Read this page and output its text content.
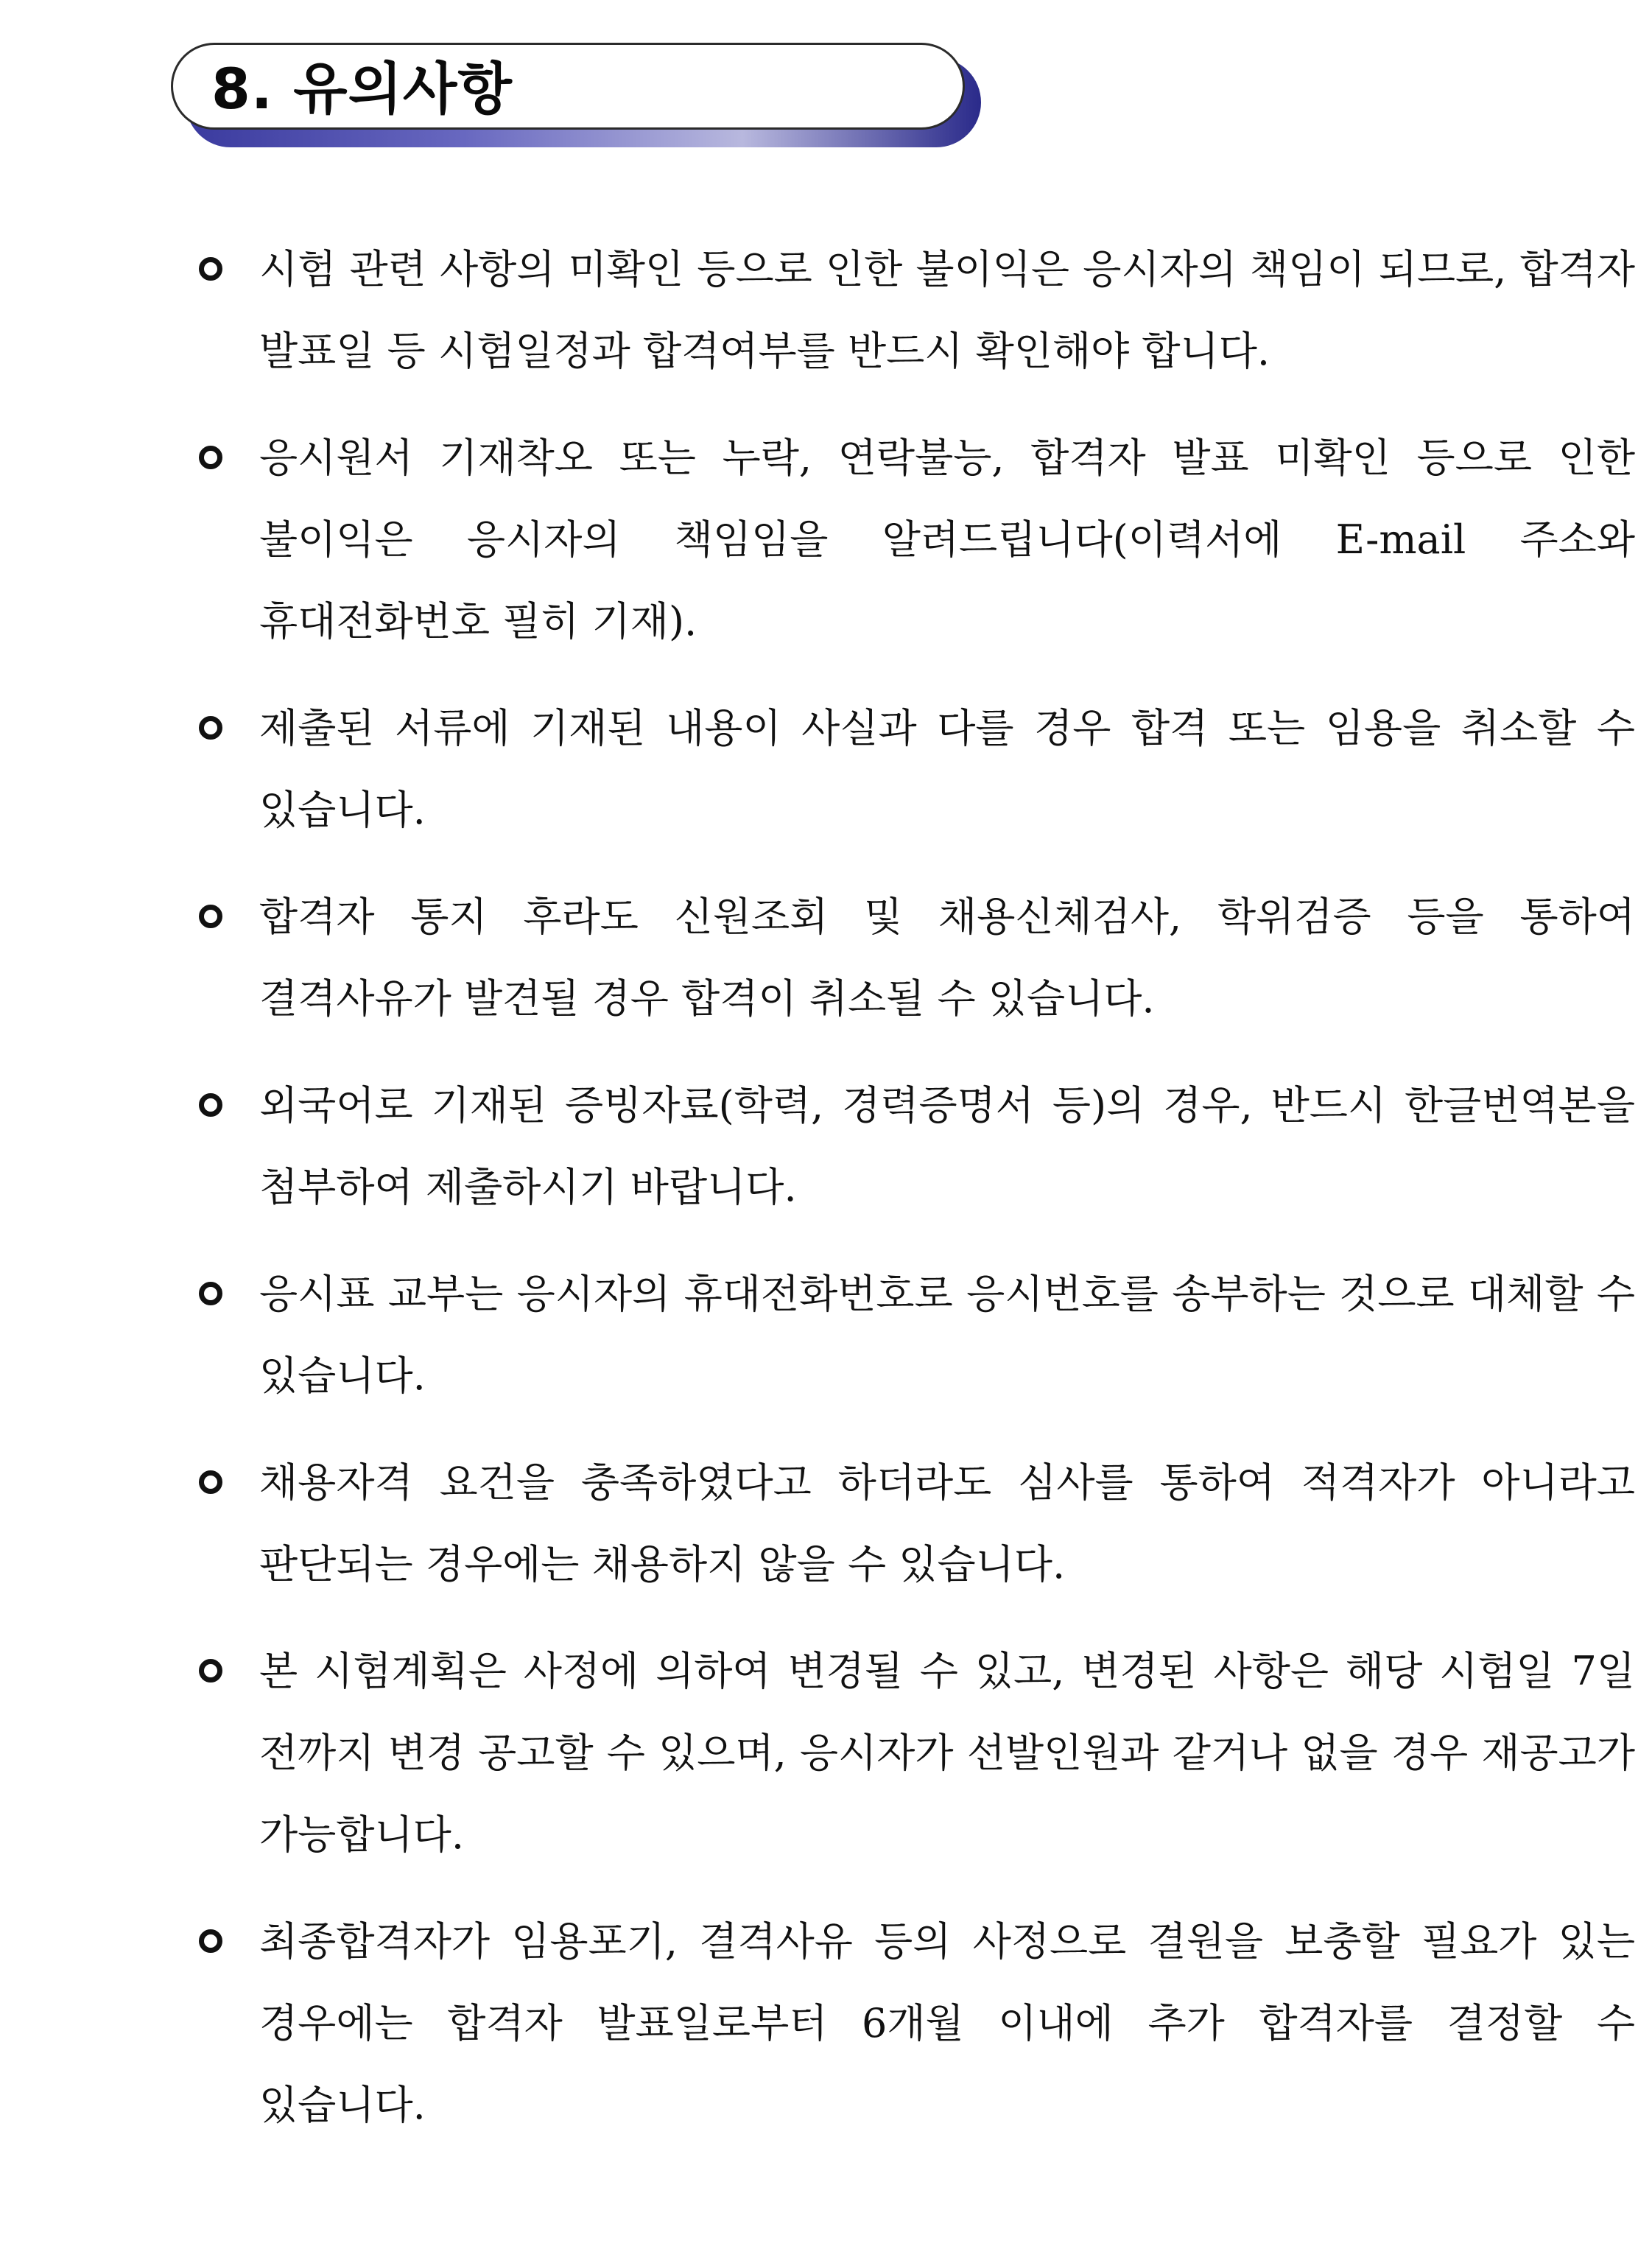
8. 유의사항
시험 관련 사항의 미확인 등으로 인한 불이익은 응시자의 책임이 되므로, 합격자 발표일 등 시험일정과 합격여부를 반드시 확인해야 합니다.
응시원서 기재착오 또는 누락, 연락불능, 합격자 발표 미확인 등으로 인한 불이익은 응시자의 책임임을 알려드립니다(이력서에 E-mail 주소와 휴대전화번호 필히 기재).
제출된 서류에 기재된 내용이 사실과 다를 경우 합격 또는 임용을 취소할 수 있습니다.
합격자 통지 후라도 신원조회 및 채용신체검사, 학위검증 등을 통하여 결격사유가 발견될 경우 합격이 취소될 수 있습니다.
외국어로 기재된 증빙자료(학력, 경력증명서 등)의 경우, 반드시 한글번역본을 첨부하여 제출하시기 바랍니다.
응시표 교부는 응시자의 휴대전화번호로 응시번호를 송부하는 것으로 대체할 수 있습니다.
채용자격 요건을 충족하였다고 하더라도 심사를 통하여 적격자가 아니라고 판단되는 경우에는 채용하지 않을 수 있습니다.
본 시험계획은 사정에 의하여 변경될 수 있고, 변경된 사항은 해당 시험일 7일 전까지 변경 공고할 수 있으며, 응시자가 선발인원과 같거나 없을 경우 재공고가 가능합니다.
최종합격자가 임용포기, 결격사유 등의 사정으로 결원을 보충할 필요가 있는 경우에는 합격자 발표일로부터 6개월 이내에 추가 합격자를 결정할 수 있습니다.
